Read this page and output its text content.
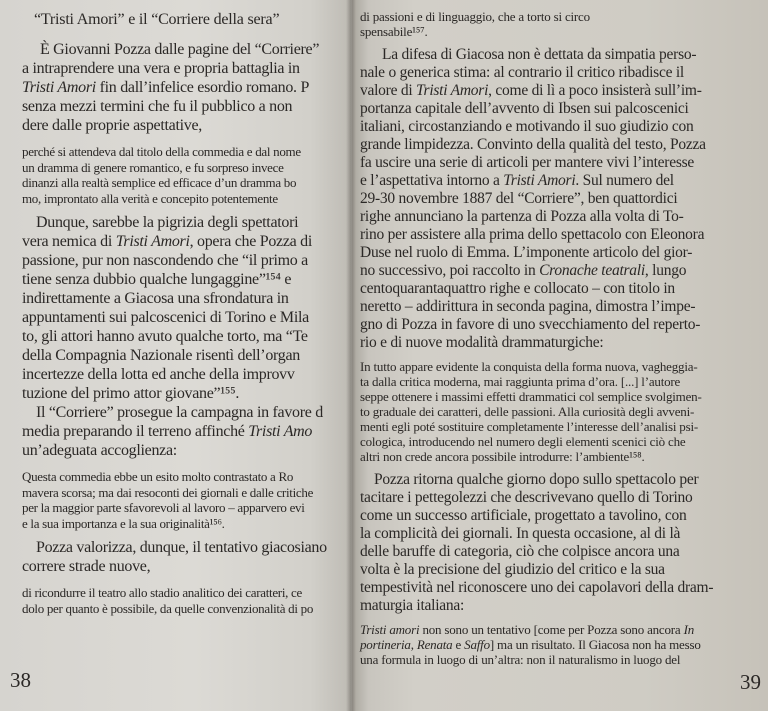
“Tristi Amori” e il “Corriere della sera”
È Giovanni Pozza dalle pagine del “Corriere”
a intraprendere una vera e propria battaglia in
Tristi Amori fin dall’infelice esordio romano. P
senza mezzi termini che fu il pubblico a non
dere dalle proprie aspettative,
perché si attendeva dal titolo della commedia e dal nome
un dramma di genere romantico, e fu sorpreso invece
dinanzi alla realtà semplice ed efficace d’un dramma bo
mo, improntato alla verità e concepito potentemente
Dunque, sarebbe la pigrizia degli spettatori
vera nemica di Tristi Amori, opera che Pozza di
passione, pur non nascondendo che “il primo a
tiene senza dubbio qualche lungaggine”¹⁵⁴ e
indirettamente a Giacosa una sfrondatura in
appuntamenti sui palcoscenici di Torino e Mila
to, gli attori hanno avuto qualche torto, ma “Te
della Compagnia Nazionale risentì dell’organ
incertezze della lotta ed anche della improvv
tuzione del primo attor giovane”¹⁵⁵.
Il “Corriere” prosegue la campagna in favore d
media preparando il terreno affinché Tristi Amo
un’adeguata accoglienza:
Questa commedia ebbe un esito molto contrastato a Ro
mavera scorsa; ma dai resoconti dei giornali e dalle critiche
per la maggior parte sfavorevoli al lavoro – apparvero evi
e la sua importanza e la sua originalità¹⁵⁶.
Pozza valorizza, dunque, il tentativo giacosiano
correre strade nuove,
di ricondurre il teatro allo stadio analitico dei caratteri, ce
dolo per quanto è possibile, da quelle convenzionalità di po
38
di passioni e di linguaggio, che a torto si circo
spensabile¹⁵⁷.
La difesa di Giacosa non è dettata da simpatia perso-
nale o generica stima: al contrario il critico ribadisce il
valore di Tristi Amori, come di lì a poco insisterà sull’im-
portanza capitale dell’avvento di Ibsen sui palcoscenici
italiani, circostanziando e motivando il suo giudizio con
grande limpidezza. Convinto della qualità del testo, Pozza
fa uscire una serie di articoli per mantere vivi l’interesse
e l’aspettativa intorno a Tristi Amori. Sul numero del
29-30 novembre 1887 del “Corriere”, ben quattordici
righe annunciano la partenza di Pozza alla volta di To-
rino per assistere alla prima dello spettacolo con Eleonora
Duse nel ruolo di Emma. L’imponente articolo del gior-
no successivo, poi raccolto in Cronache teatrali, lungo
centoquarantaquattro righe e collocato – con titolo in
neretto – addirittura in seconda pagina, dimostra l’impe-
gno di Pozza in favore di uno svecchiamento del reperto-
rio e di nuove modalità drammaturgiche:
In tutto appare evidente la conquista della forma nuova, vagheggia-
ta dalla critica moderna, mai raggiunta prima d’ora. [...] l’autore
seppe ottenere i massimi effetti drammatici col semplice svolgimen-
to graduale dei caratteri, delle passioni. Alla curiosità degli avveni-
menti egli poté sostituire completamente l’interesse dell’analisi psi-
cologica, introducendo nel numero degli elementi scenici ciò che
altri non crede ancora possibile introdurre: l’ambiente¹⁵⁸.
Pozza ritorna qualche giorno dopo sullo spettacolo per
tacitare i pettegolezzi che descrivevano quello di Torino
come un successo artificiale, progettato a tavolino, con
la complicità dei giornali. In questa occasione, al di là
delle baruffe di categoria, ciò che colpisce ancora una
volta è la precisione del giudizio del critico e la sua
tempestività nel riconoscere uno dei capolavori della dram-
maturgia italiana:
Tristi amori non sono un tentativo [come per Pozza sono ancora In
portineria, Renata e Saffo] ma un risultato. Il Giacosa non ha messo
una formula in luogo di un’altra: non il naturalismo in luogo del
39
